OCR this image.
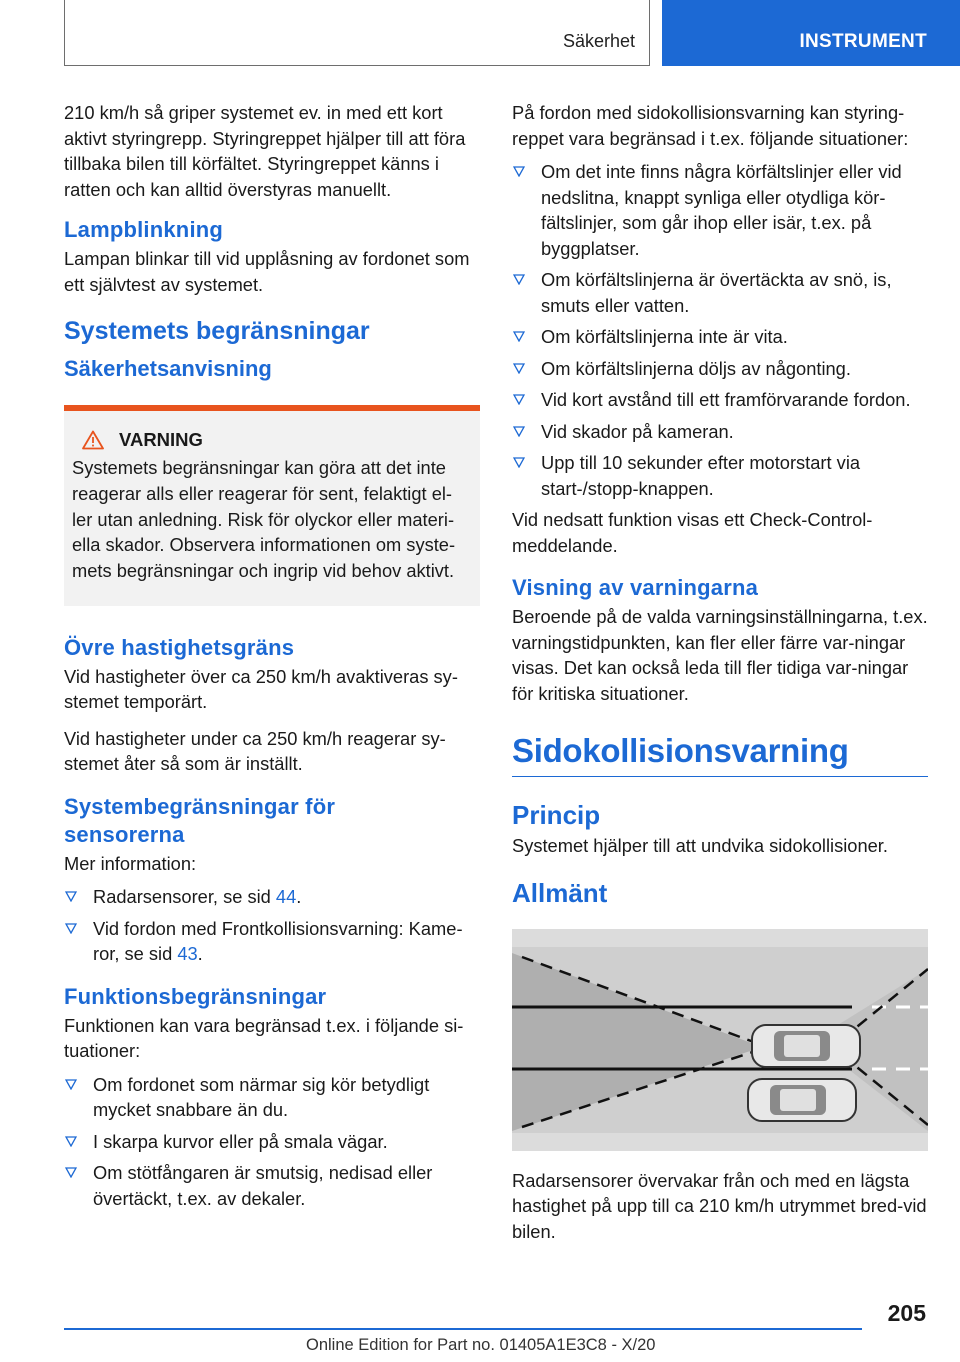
Säkerhet	INSTRUMENT

210 km/h så griper systemet ev. in med ett kort aktivt styringrepp. Styringreppet hjälper till att föra tillbaka bilen till körfältet. Styringreppet känns i ratten och kan alltid överstyras manuellt.

Lampblinkning

Lampan blinkar till vid upplåsning av fordonet som ett självtest av systemet.

Systemets begränsningar
Säkerhetsanvisning
VARNING
Systemets begränsningar kan göra att det inte reagerar alls eller reagerar för sent, felaktigt el-ler utan anledning. Risk för olyckor eller materi-ella skador. Observera informationen om syste-mets begränsningar och ingrip vid behov aktivt.
Övre hastighetsgräns

Vid hastigheter över ca 250 km/h avaktiveras sy-stemet temporärt.

Vid hastigheter under ca 250 km/h reagerar sy-stemet åter så som är inställt.

Systembegränsningar för
sensorerna

Mer information:

Radarsensorer, se sid 44.
Vid fordon med Frontkollisionsvarning: Kame-ror, se sid 43.
Funktionsbegränsningar

Funktionen kan vara begränsad t.ex. i följande si-tuationer:

Om fordonet som närmar sig kör betydligt mycket snabbare än du.
I skarpa kurvor eller på smala vägar.
Om stötfångaren är smutsig, nedisad eller övertäckt, t.ex. av dekaler.

På fordon med sidokollisionsvarning kan styring-reppet vara begränsad i t.ex. följande situationer:

Om det inte finns några körfältslinjer eller vid nedslitna, knappt synliga eller otydliga kör-fältslinjer, som går ihop eller isär, t.ex. på byggplatser.
Om körfältslinjerna är övertäckta av snö, is, smuts eller vatten.
Om körfältslinjerna inte är vita.
Om körfältslinjerna döljs av någonting.
Vid kort avstånd till ett framförvarande fordon.
Vid skador på kameran.
Upp till 10 sekunder efter motorstart via start-/stopp-knappen.

Vid nedsatt funktion visas ett Check-Control-meddelande.

Visning av varningarna

Beroende på de valda varningsinställningarna, t.ex. varningstidpunkten, kan fler eller färre var-ningar visas. Det kan också leda till fler tidiga var-ningar för kritiska situationer.

Sidokollisionsvarning
Princip

Systemet hjälper till att undvika sidokollisioner.

Allmänt

Radarsensorer övervakar från och med en lägsta hastighet på upp till ca 210 km/h utrymmet bred-vid bilen.

205
Online Edition for Part no. 01405A1E3C8 - X/20
